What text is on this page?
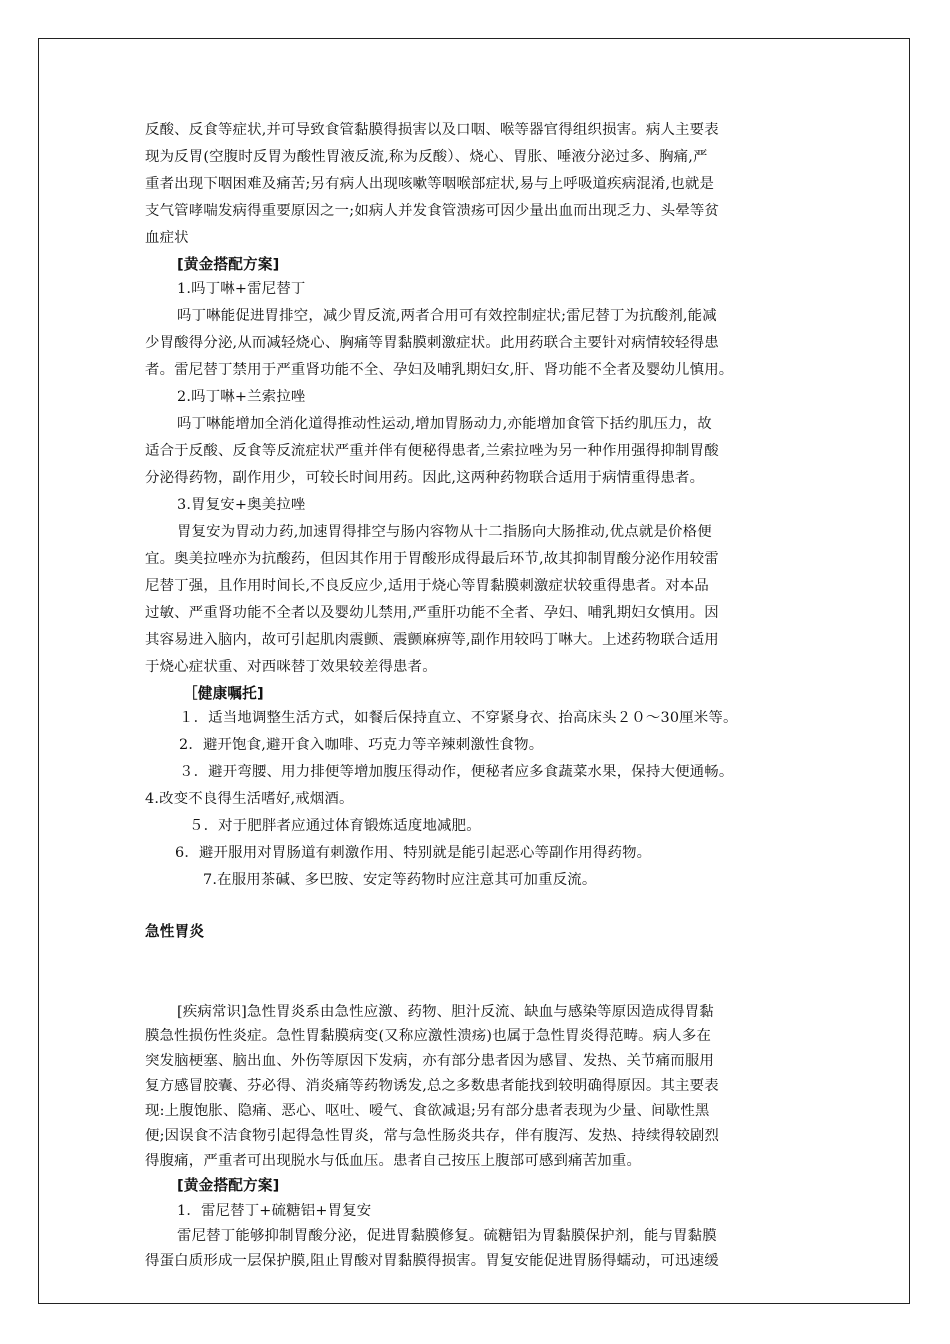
反酸、反食等症状,并可导致食管黏膜得损害以及口咽、喉等器官得组织损害。病人主要表
现为反胃(空腹时反胃为酸性胃液反流,称为反酸）、烧心、胃胀、唾液分泌过多、胸痛,严
重者出现下咽困难及痛苦;另有病人出现咳嗽等咽喉部症状,易与上呼吸道疾病混淆,也就是
支气管哮喘发病得重要原因之一;如病人并发食管溃疡可因少量出血而出现乏力、头晕等贫
血症状
[黄金搭配方案]
1.吗丁啉+雷尼替丁
吗丁啉能促进胃排空，减少胃反流,两者合用可有效控制症状;雷尼替丁为抗酸剂,能减
少胃酸得分泌,从而减轻烧心、胸痛等胃黏膜刺激症状。此用药联合主要针对病情较轻得患
者。雷尼替丁禁用于严重肾功能不全、孕妇及哺乳期妇女,肝、肾功能不全者及婴幼儿慎用。
2.吗丁啉+兰索拉唑
吗丁啉能增加全消化道得推动性运动,增加胃肠动力,亦能增加食管下括约肌压力，故
适合于反酸、反食等反流症状严重并伴有便秘得患者,兰索拉唑为另一种作用强得抑制胃酸
分泌得药物，副作用少，可较长时间用药。因此,这两种药物联合适用于病情重得患者。
3.胃复安+奥美拉唑
胃复安为胃动力药,加速胃得排空与肠内容物从十二指肠向大肠推动,优点就是价格便
宜。奥美拉唑亦为抗酸药，但因其作用于胃酸形成得最后环节,故其抑制胃酸分泌作用较雷
尼替丁强，且作用时间长,不良反应少,适用于烧心等胃黏膜刺激症状较重得患者。对本品
过敏、严重肾功能不全者以及婴幼儿禁用,严重肝功能不全者、孕妇、哺乳期妇女慎用。因
其容易进入脑内，故可引起肌肉震颤、震颤麻痹等,副作用较吗丁啉大。上述药物联合适用
于烧心症状重、对西咪替丁效果较差得患者。
［健康嘱托]
１．适当地调整生活方式，如餐后保持直立、不穿紧身衣、抬高床头２０～30厘米等。
2．避开饱食,避开食入咖啡、巧克力等辛辣刺激性食物。
３．避开弯腰、用力排便等增加腹压得动作，便秘者应多食蔬菜水果，保持大便通畅。
4.改变不良得生活嗜好,戒烟酒。
５．对于肥胖者应通过体育锻炼适度地减肥。
6．避开服用对胃肠道有刺激作用、特别就是能引起恶心等副作用得药物。
7.在服用茶碱、多巴胺、安定等药物时应注意其可加重反流。
急性胃炎
[疾病常识]急性胃炎系由急性应激、药物、胆汁反流、缺血与感染等原因造成得胃黏
膜急性损伤性炎症。急性胃黏膜病变(又称应激性溃疡)也属于急性胃炎得范畴。病人多在
突发脑梗塞、脑出血、外伤等原因下发病，亦有部分患者因为感冒、发热、关节痛而服用
复方感冒胶囊、芬必得、消炎痛等药物诱发,总之多数患者能找到较明确得原因。其主要表
现:上腹饱胀、隐痛、恶心、呕吐、嗳气、食欲减退;另有部分患者表现为少量、间歇性黑
便;因误食不洁食物引起得急性胃炎，常与急性肠炎共存，伴有腹泻、发热、持续得较剧烈
得腹痛，严重者可出现脱水与低血压。患者自己按压上腹部可感到痛苦加重。
[黄金搭配方案]
1．雷尼替丁+硫糖铝+胃复安
雷尼替丁能够抑制胃酸分泌，促进胃黏膜修复。硫糖铝为胃黏膜保护剂，能与胃黏膜
得蛋白质形成一层保护膜,阻止胃酸对胃黏膜得损害。胃复安能促进胃肠得蠕动，可迅速缓
